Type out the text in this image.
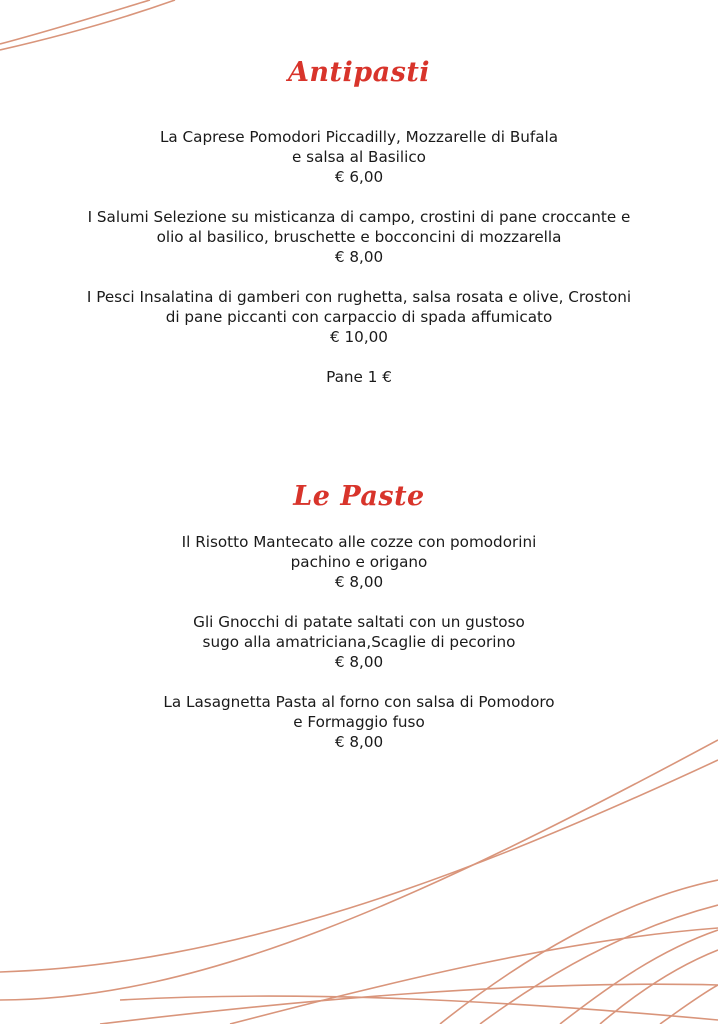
Antipasti
La Caprese Pomodori Piccadilly, Mozzarelle di Bufala
e salsa al Basilico
€ 6,00
I Salumi Selezione su misticanza di campo, crostini di pane croccante e
olio al basilico, bruschette e bocconcini di mozzarella
€ 8,00
I Pesci Insalatina di gamberi con rughetta, salsa rosata e olive, Crostoni
di pane piccanti con carpaccio di spada affumicato
€ 10,00
Pane 1 €
Le Paste
Il Risotto Mantecato alle cozze con pomodorini
pachino e origano
€ 8,00
Gli Gnocchi di patate saltati con un gustoso
sugo alla amatriciana,Scaglie di pecorino
€ 8,00
La Lasagnetta Pasta al forno con salsa di Pomodoro
e Formaggio fuso
€ 8,00
